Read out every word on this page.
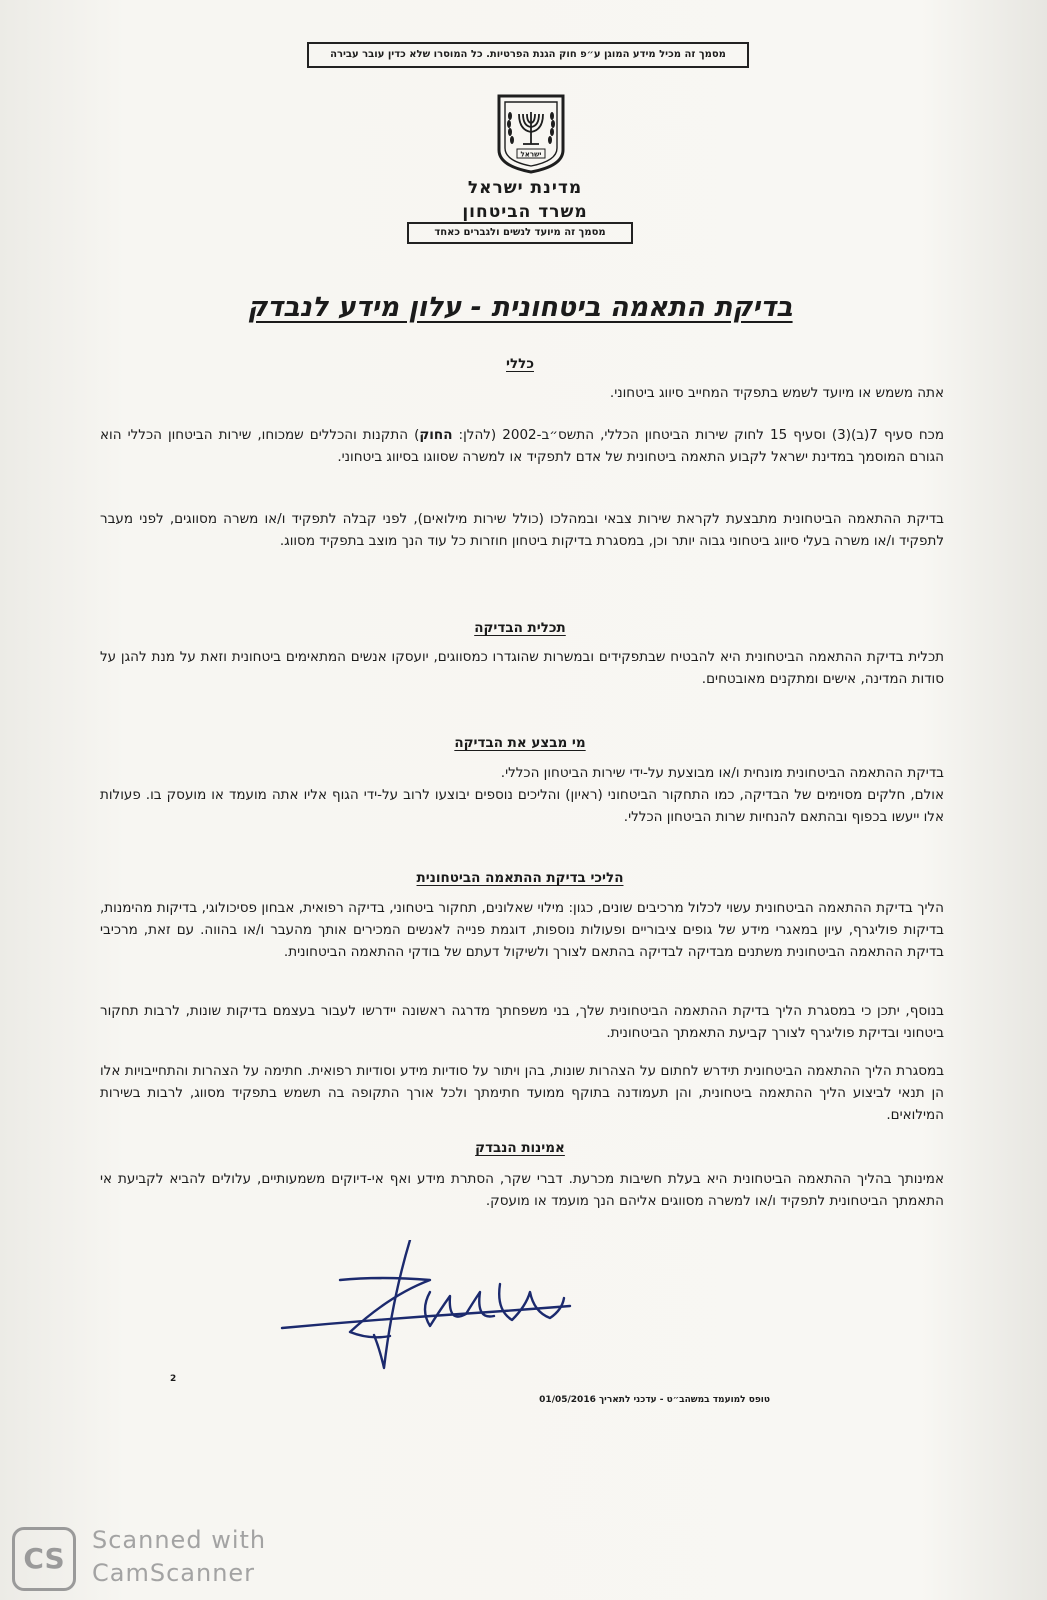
מסמך זה מכיל מידע המוגן ע״פ חוק הגנת הפרטיות. כל המוסרו שלא כדין עובר עבירה
ישראל
מדינת ישראל
משרד הביטחון
מסמך זה מיועד לנשים ולגברים כאחד
בדיקת התאמה ביטחונית - עלון מידע לנבדק
כללי
אתה משמש או מיועד לשמש בתפקיד המחייב סיווג ביטחוני.
מכח סעיף 7(ב)(3) וסעיף 15 לחוק שירות הביטחון הכללי, התשס״ב-2002 (להלן: החוק) התקנות והכללים שמכוחו, שירות הביטחון הכללי הוא הגורם המוסמך במדינת ישראל לקבוע התאמה ביטחונית של אדם לתפקיד או למשרה שסווגו בסיווג ביטחוני.
בדיקת ההתאמה הביטחונית מתבצעת לקראת שירות צבאי ובמהלכו (כולל שירות מילואים), לפני קבלה לתפקיד ו/או משרה מסווגים, לפני מעבר לתפקיד ו/או משרה בעלי סיווג ביטחוני גבוה יותר וכן, במסגרת בדיקות ביטחון חוזרות כל עוד הנך מוצב בתפקיד מסווג.
תכלית הבדיקה
תכלית בדיקת ההתאמה הביטחונית היא להבטיח שבתפקידים ובמשרות שהוגדרו כמסווגים, יועסקו אנשים המתאימים ביטחונית וזאת על מנת להגן על סודות המדינה, אישים ומתקנים מאובטחים.
מי מבצע את הבדיקה
בדיקת ההתאמה הביטחונית מונחית ו/או מבוצעת על-ידי שירות הביטחון הכללי.
אולם, חלקים מסוימים של הבדיקה, כמו התחקור הביטחוני (ראיון) והליכים נוספים יבוצעו לרוב על-ידי הגוף אליו אתה מועמד או מועסק בו. פעולות אלו ייעשו בכפוף ובהתאם להנחיות שרות הביטחון הכללי.
הליכי בדיקת ההתאמה הביטחונית
הליך בדיקת ההתאמה הביטחונית עשוי לכלול מרכיבים שונים, כגון: מילוי שאלונים, תחקור ביטחוני, בדיקה רפואית, אבחון פסיכולוגי, בדיקות מהימנות, בדיקות פוליגרף, עיון במאגרי מידע של גופים ציבוריים ופעולות נוספות, דוגמת פנייה לאנשים המכירים אותך מהעבר ו/או בהווה. עם זאת, מרכיבי בדיקת ההתאמה הביטחונית משתנים מבדיקה לבדיקה בהתאם לצורך ולשיקול דעתם של בודקי ההתאמה הביטחונית.
בנוסף, יתכן כי במסגרת הליך בדיקת ההתאמה הביטחונית שלך, בני משפחתך מדרגה ראשונה יידרשו לעבור בעצמם בדיקות שונות, לרבות תחקור ביטחוני ובדיקת פוליגרף לצורך קביעת התאמתך הביטחונית.
במסגרת הליך ההתאמה הביטחונית תידרש לחתום על הצהרות שונות, בהן ויתור על סודיות מידע וסודיות רפואית. חתימה על הצהרות והתחייבויות אלו הן תנאי לביצוע הליך ההתאמה ביטחונית, והן תעמודנה בתוקף ממועד חתימתך ולכל אורך התקופה בה תשמש בתפקיד מסווג, לרבות בשירות המילואים.
אמינות הנבדק
אמינותך בהליך ההתאמה הביטחונית היא בעלת חשיבות מכרעת. דברי שקר, הסתרת מידע ואף אי-דיוקים משמעותיים, עלולים להביא לקביעת אי התאמתך הביטחונית לתפקיד ו/או למשרה מסווגים אליהם הנך מועמד או מועסק.
2
טופס למועמד במשהב״ט - עדכני לתאריך 01/05/2016
CS
Scanned with
CamScanner
